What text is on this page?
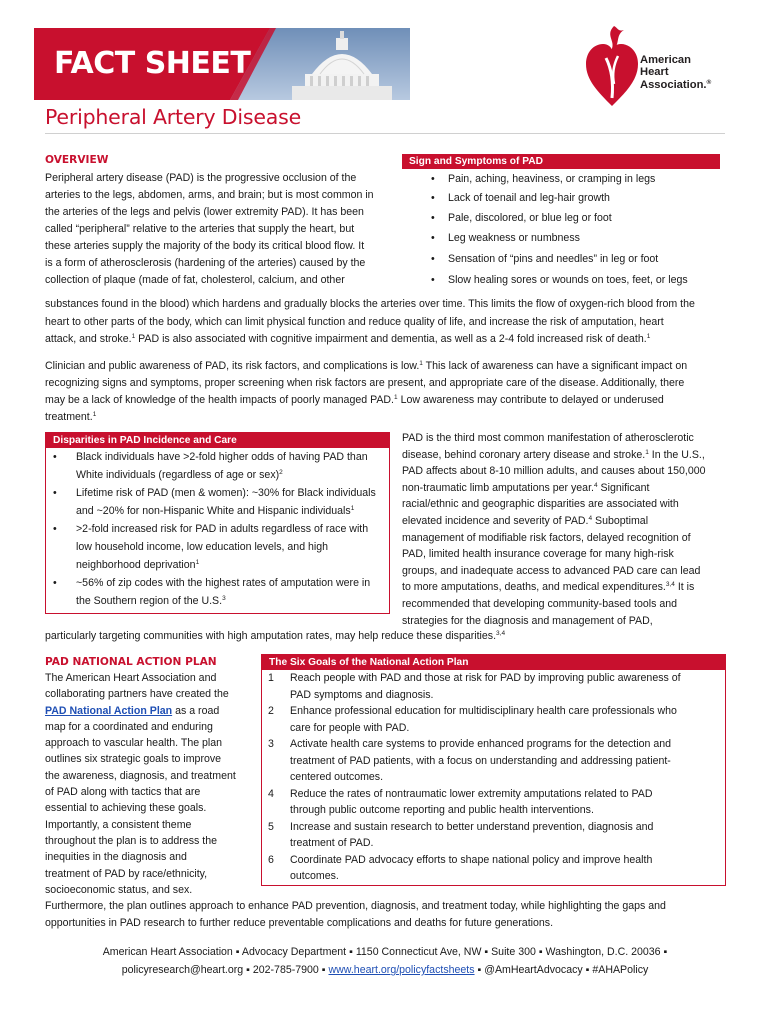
FACT SHEET	American
Heart
Association.®
Peripheral Artery Disease
OVERVIEW
Peripheral artery disease (PAD) is the progressive occlusion of the
arteries to the legs, abdomen, arms, and brain; but is most common in
the arteries of the legs and pelvis (lower extremity PAD). It has been
called “peripheral” relative to the arteries that supply the heart, but
these arteries supply the majority of the body its critical blood flow. It
is a form of atherosclerosis (hardening of the arteries) caused by the
collection of plaque (made of fat, cholesterol, calcium, and other
Sign and Symptoms of PAD
• Pain, aching, heaviness, or cramping in legs
• Lack of toenail and leg-hair growth
• Pale, discolored, or blue leg or foot
• Leg weakness or numbness
• Sensation of “pins and needles” in leg or foot
• Slow healing sores or wounds on toes, feet, or legs
substances found in the blood) which hardens and gradually blocks the arteries over time. This limits the flow of oxygen-rich blood from the
heart to other parts of the body, which can limit physical function and reduce quality of life, and increase the risk of amputation, heart
attack, and stroke.$^1$ PAD is also associated with cognitive impairment and dementia, as well as a 2-4 fold increased risk of death.$^1$
Clinician and public awareness of PAD, its risk factors, and complications is low.$^1$ This lack of awareness can have a significant impact on
recognizing signs and symptoms, proper screening when risk factors are present, and appropriate care of the disease. Additionally, there
may be a lack of knowledge of the health impacts of poorly managed PAD.$^1$ Low awareness may contribute to delayed or underused
treatment.$^1$
Disparities in PAD Incidence and Care
• Black individuals have >2-fold higher odds of having PAD than
White individuals (regardless of age or sex)$^2$
• Lifetime risk of PAD (men & women): ~30% for Black individuals
and ~20% for non-Hispanic White and Hispanic individuals$^1$
• >2-fold increased risk for PAD in adults regardless of race with
low household income, low education levels, and high
neighborhood deprivation$^1$
• ~56% of zip codes with the highest rates of amputation were in
the Southern region of the U.S.$^3$
PAD is the third most common manifestation of atherosclerotic
disease, behind coronary artery disease and stroke.$^1$ In the U.S.,
PAD affects about 8-10 million adults, and causes about 150,000
non-traumatic limb amputations per year.$^4$ Significant
racial/ethnic and geographic disparities are associated with
elevated incidence and severity of PAD.$^4$ Suboptimal
management of modifiable risk factors, delayed recognition of
PAD, limited health insurance coverage for many high-risk
groups, and inadequate access to advanced PAD care can lead
to more amputations, deaths, and medical expenditures.$^{3,4}$ It is
recommended that developing community-based tools and
strategies for the diagnosis and management of PAD,
particularly targeting communities with high amputation rates, may help reduce these disparities.$^{3,4}$
PAD NATIONAL ACTION PLAN
The American Heart Association and
collaborating partners have created the
PAD National Action Plan as a road
map for a coordinated and enduring
approach to vascular health. The plan
outlines six strategic goals to improve
the awareness, diagnosis, and treatment
of PAD along with tactics that are
essential to achieving these goals.
Importantly, a consistent theme
throughout the plan is to address the
inequities in the diagnosis and
treatment of PAD by race/ethnicity,
socioeconomic status, and sex.
The Six Goals of the National Action Plan
1 Reach people with PAD and those at risk for PAD by improving public awareness of
PAD symptoms and diagnosis.
2 Enhance professional education for multidisciplinary health care professionals who
care for people with PAD.
3 Activate health care systems to provide enhanced programs for the detection and
treatment of PAD patients, with a focus on understanding and addressing patient-
centered outcomes.
4 Reduce the rates of nontraumatic lower extremity amputations related to PAD
through public outcome reporting and public health interventions.
5 Increase and sustain research to better understand prevention, diagnosis and
treatment of PAD.
6 Coordinate PAD advocacy efforts to shape national policy and improve health
outcomes.
Furthermore, the plan outlines approach to enhance PAD prevention, diagnosis, and treatment today, while highlighting the gaps and
opportunities in PAD research to further reduce preventable complications and deaths for future generations.
American Heart Association ▪ Advocacy Department ▪ 1150 Connecticut Ave, NW ▪ Suite 300 ▪ Washington, D.C. 20036 ▪
policyresearch@heart.org ▪ 202-785-7900 ▪ www.heart.org/policyfactsheets ▪ @AmHeartAdvocacy ▪ #AHAPolicy
